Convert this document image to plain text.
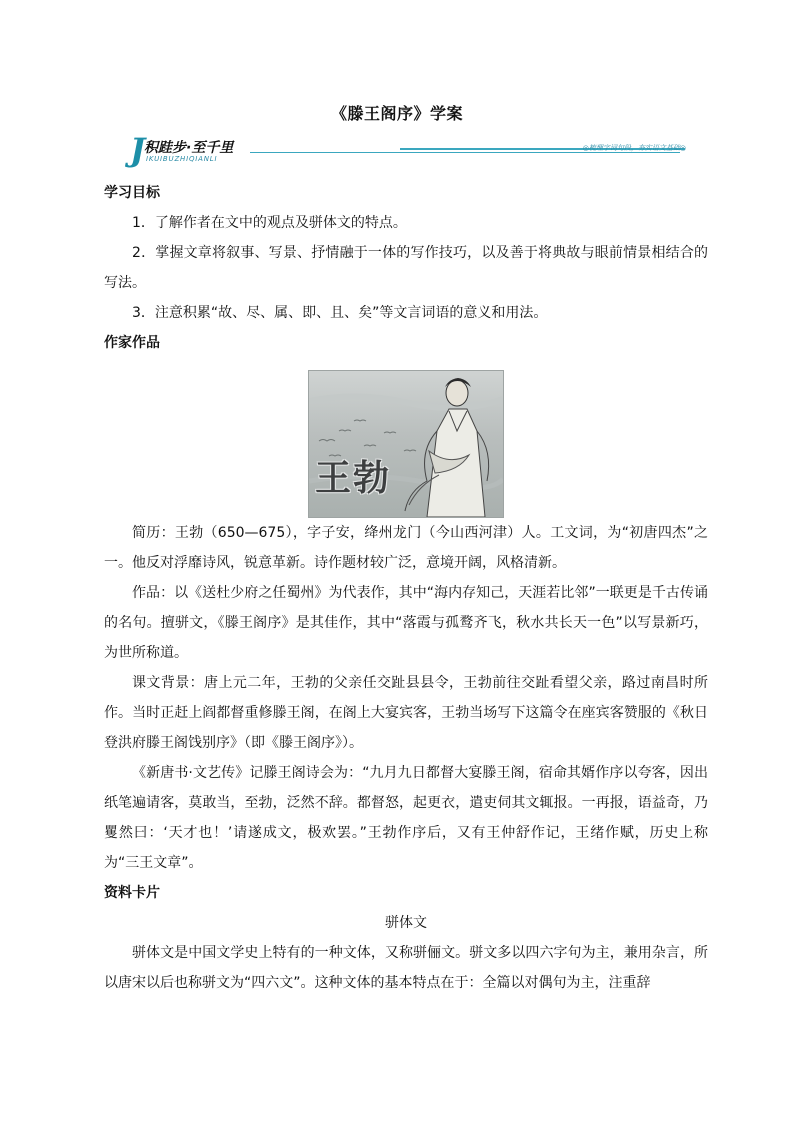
《滕王阁序》学案
J
积跬步·至千里
IKUIBUZHIQIANLI
◎梳理字词句段，夯实语文基础◎
学习目标
1．了解作者在文中的观点及骈体文的特点。
2．掌握文章将叙事、写景、抒情融于一体的写作技巧，以及善于将典故与眼前情景相结合的写法。
3．注意积累“故、尽、属、即、且、矣”等文言词语的意义和用法。
作家作品
王勃
简历：王勃（650—675），字子安，绛州龙门（今山西河津）人。工文词，为“初唐四杰”之一。他反对浮靡诗风，锐意革新。诗作题材较广泛，意境开阔，风格清新。
作品：以《送杜少府之任蜀州》为代表作，其中“海内存知己，天涯若比邻”一联更是千古传诵的名句。擅骈文，《滕王阁序》是其佳作，其中“落霞与孤鹜齐飞，秋水共长天一色”以写景新巧，为世所称道。
课文背景：唐上元二年，王勃的父亲任交趾县县令，王勃前往交趾看望父亲，路过南昌时所作。当时正赶上阎都督重修滕王阁，在阁上大宴宾客，王勃当场写下这篇令在座宾客赞服的《秋日登洪府滕王阁饯别序》（即《滕王阁序》）。
《新唐书·文艺传》记滕王阁诗会为：“九月九日都督大宴滕王阁，宿命其婿作序以夸客，因出纸笔遍请客，莫敢当，至勃，泛然不辞。都督怒，起更衣，遣吏伺其文辄报。一再报，语益奇，乃矍然曰：‘天才也！’请遂成文，极欢罢。”王勃作序后，又有王仲舒作记，王绪作赋，历史上称为“三王文章”。
资料卡片
骈体文
骈体文是中国文学史上特有的一种文体，又称骈俪文。骈文多以四六字句为主，兼用杂言，所以唐宋以后也称骈文为“四六文”。这种文体的基本特点在于：全篇以对偶句为主，注重辞
